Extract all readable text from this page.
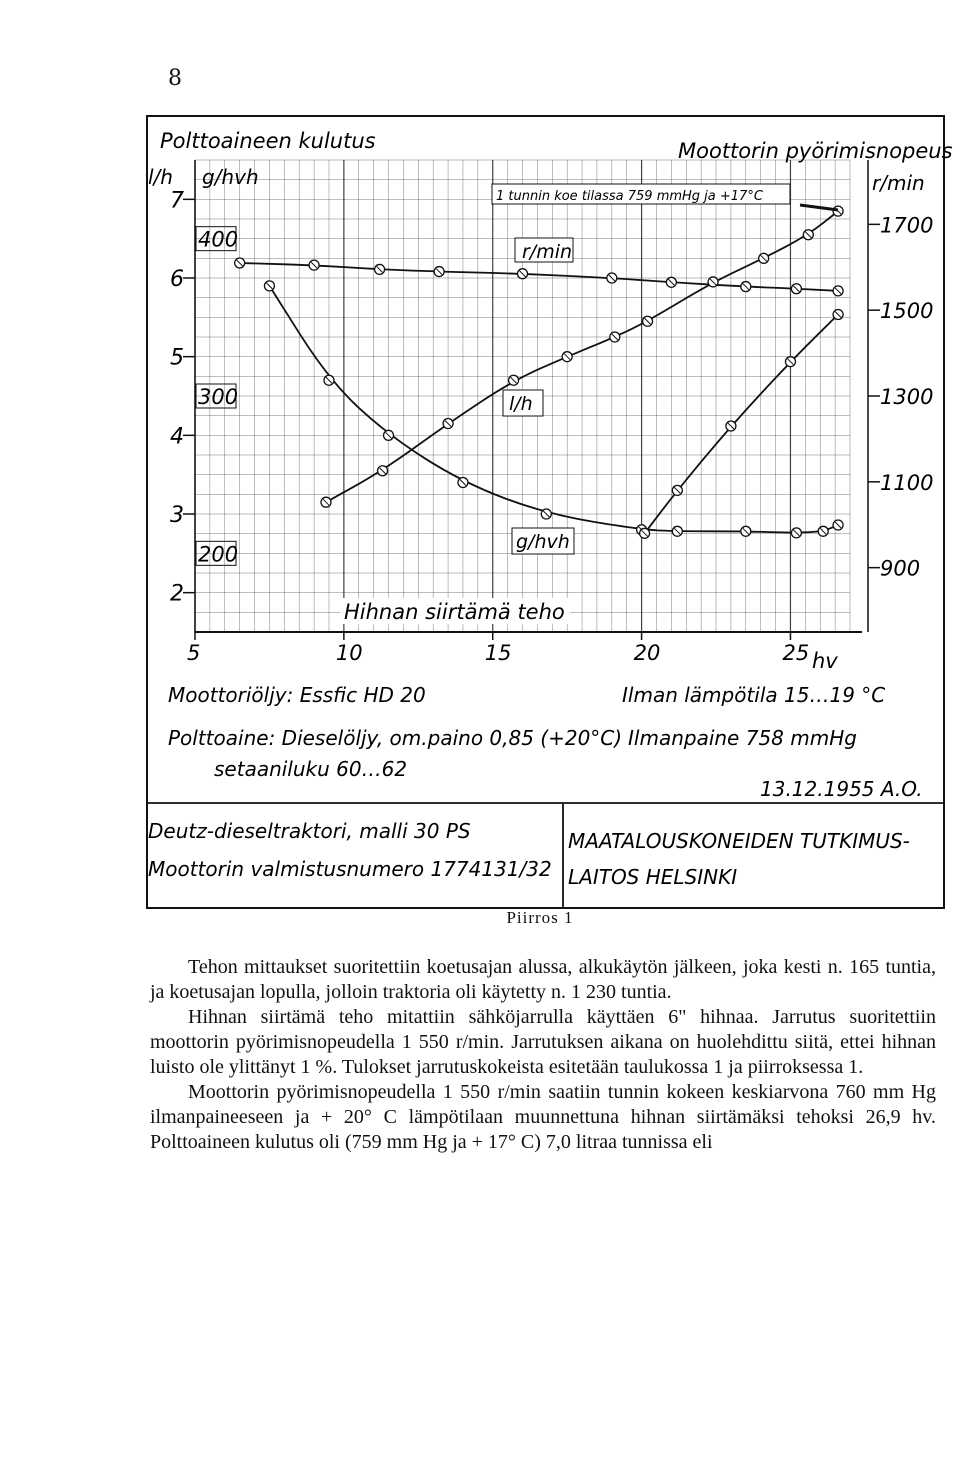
8
5	10	15	20	25 hv
2
3
4
5
6
7
200
300
400
900
1100
1300
1500
1700
Polttoaineen kulutus
l/h g/hvh
Moottorin pyörimisnopeus
r/min
1 tunnin koe tilassa 759 mmHg ja +17°C
r/min
l/h
g/hvh
Hihnan siirtämä teho
Moottoriöljy: Essfic HD 20	Ilman lämpötila 15…19 °C
Polttoaine: Dieselöljy, om.paino 0,85 (+20°C) Ilmanpaine 758 mmHg
setaaniluku 60…62
13.12.1955 A.O.
Deutz-dieseltraktori, malli 30 PS
Moottorin valmistusnumero 1774131/32
MAATALOUSKONEIDEN TUTKIMUS-
LAITOS HELSINKI
Piirros 1

Tehon mittaukset suoritettiin koetusajan alussa, alkukäytön jälkeen, joka kesti n. 165 tuntia, ja koetusajan lopulla, jolloin traktoria oli käytetty n. 1 230 tuntia.

Hihnan siirtämä teho mitattiin sähköjarrulla käyttäen 6" hihnaa. Jarrutus suoritettiin moottorin pyörimisnopeudella 1 550 r/min. Jarrutuksen aikana on huolehdittu siitä, ettei hihnan luisto ole ylittänyt 1 %. Tulokset jarrutuskokeista esitetään taulukossa 1 ja piirroksessa 1.

Moottorin pyörimisnopeudella 1 550 r/min saatiin tunnin kokeen keskiarvona 760 mm Hg ilmanpaineeseen ja + 20° C lämpötilaan muunnettuna hihnan siirtämäksi tehoksi 26,9 hv. Polttoaineen kulutus oli (759 mm Hg ja + 17° C) 7,0 litraa tunnissa eli
